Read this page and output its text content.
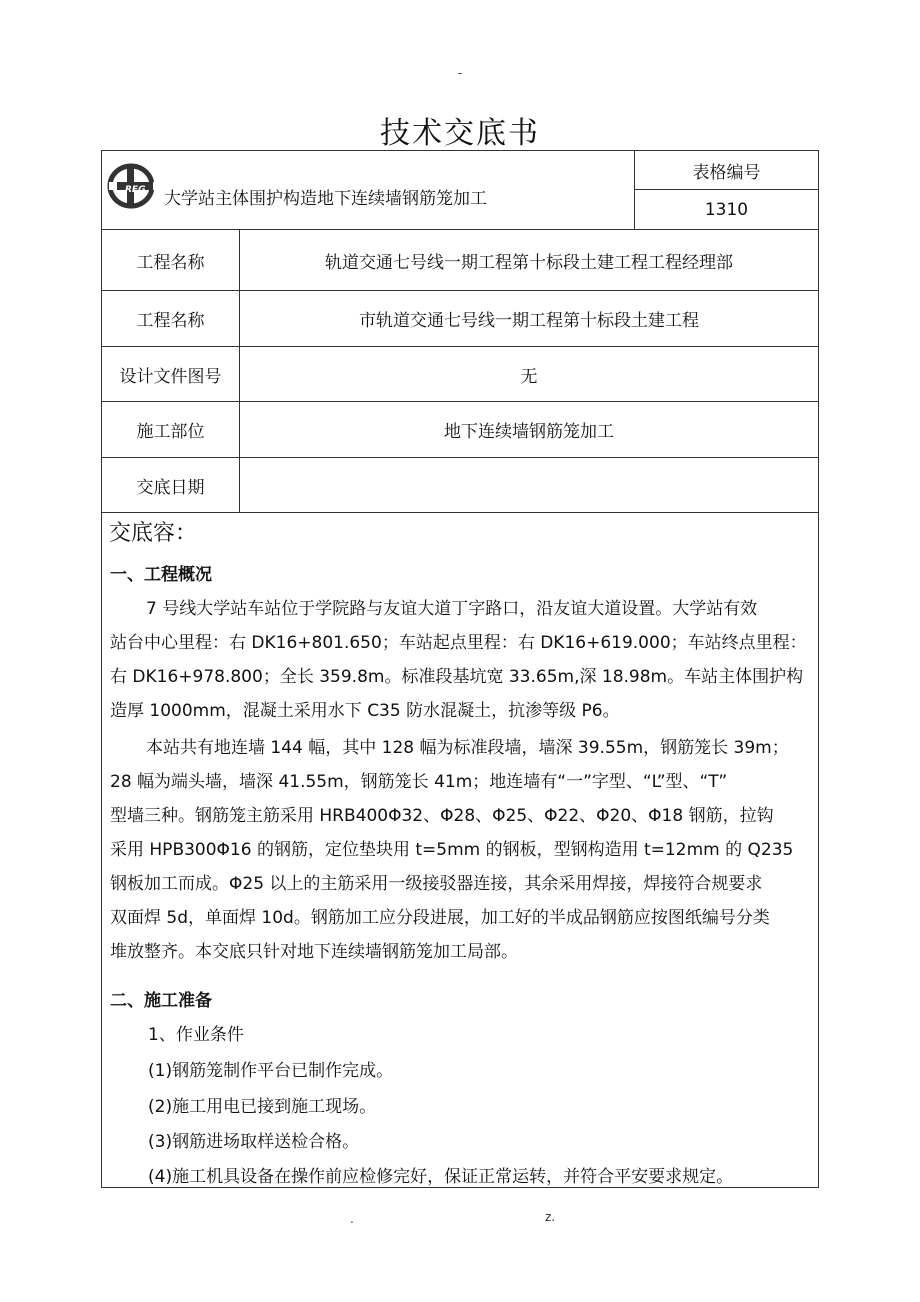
-
技术交底书
REG 大学站主体围护构造地下连续墙钢筋笼加工
表格编号
1310
工程名称	轨道交通七号线一期工程第十标段土建工程工程经理部
工程名称	市轨道交通七号线一期工程第十标段土建工程
设计文件图号	无
施工部位	地下连续墙钢筋笼加工
交底日期
交底容：
一、工程概况
7 号线大学站车站位于学院路与友谊大道丁字路口，沿友谊大道设置。大学站有效
站台中心里程：右 DK16+801.650；车站起点里程：右 DK16+619.000；车站终点里程：
右 DK16+978.800；全长 359.8m。标准段基坑宽 33.65m,深 18.98m。车站主体围护构
造厚 1000mm，混凝土采用水下 C35 防水混凝土，抗渗等级 P6。
本站共有地连墙 144 幅，其中 128 幅为标准段墙，墙深 39.55m，钢筋笼长 39m；
28 幅为端头墙，墙深 41.55m，钢筋笼长 41m；地连墙有“一”字型、“L”型、“T”
型墙三种。钢筋笼主筋采用 HRB400Φ32、Φ28、Φ25、Φ22、Φ20、Φ18 钢筋，拉钩
采用 HPB300Φ16 的钢筋，定位垫块用 t=5mm 的钢板，型钢构造用 t=12mm 的 Q235
钢板加工而成。Φ25 以上的主筋采用一级接驳器连接，其余采用焊接，焊接符合规要求
双面焊 5d，单面焊 10d。钢筋加工应分段进展，加工好的半成品钢筋应按图纸编号分类
堆放整齐。本交底只针对地下连续墙钢筋笼加工局部。
二、施工准备
1、作业条件
(1)钢筋笼制作平台已制作完成。
(2)施工用电已接到施工现场。
(3)钢筋进场取样送检合格。
(4)施工机具设备在操作前应检修完好，保证正常运转，并符合平安要求规定。
.	z.
